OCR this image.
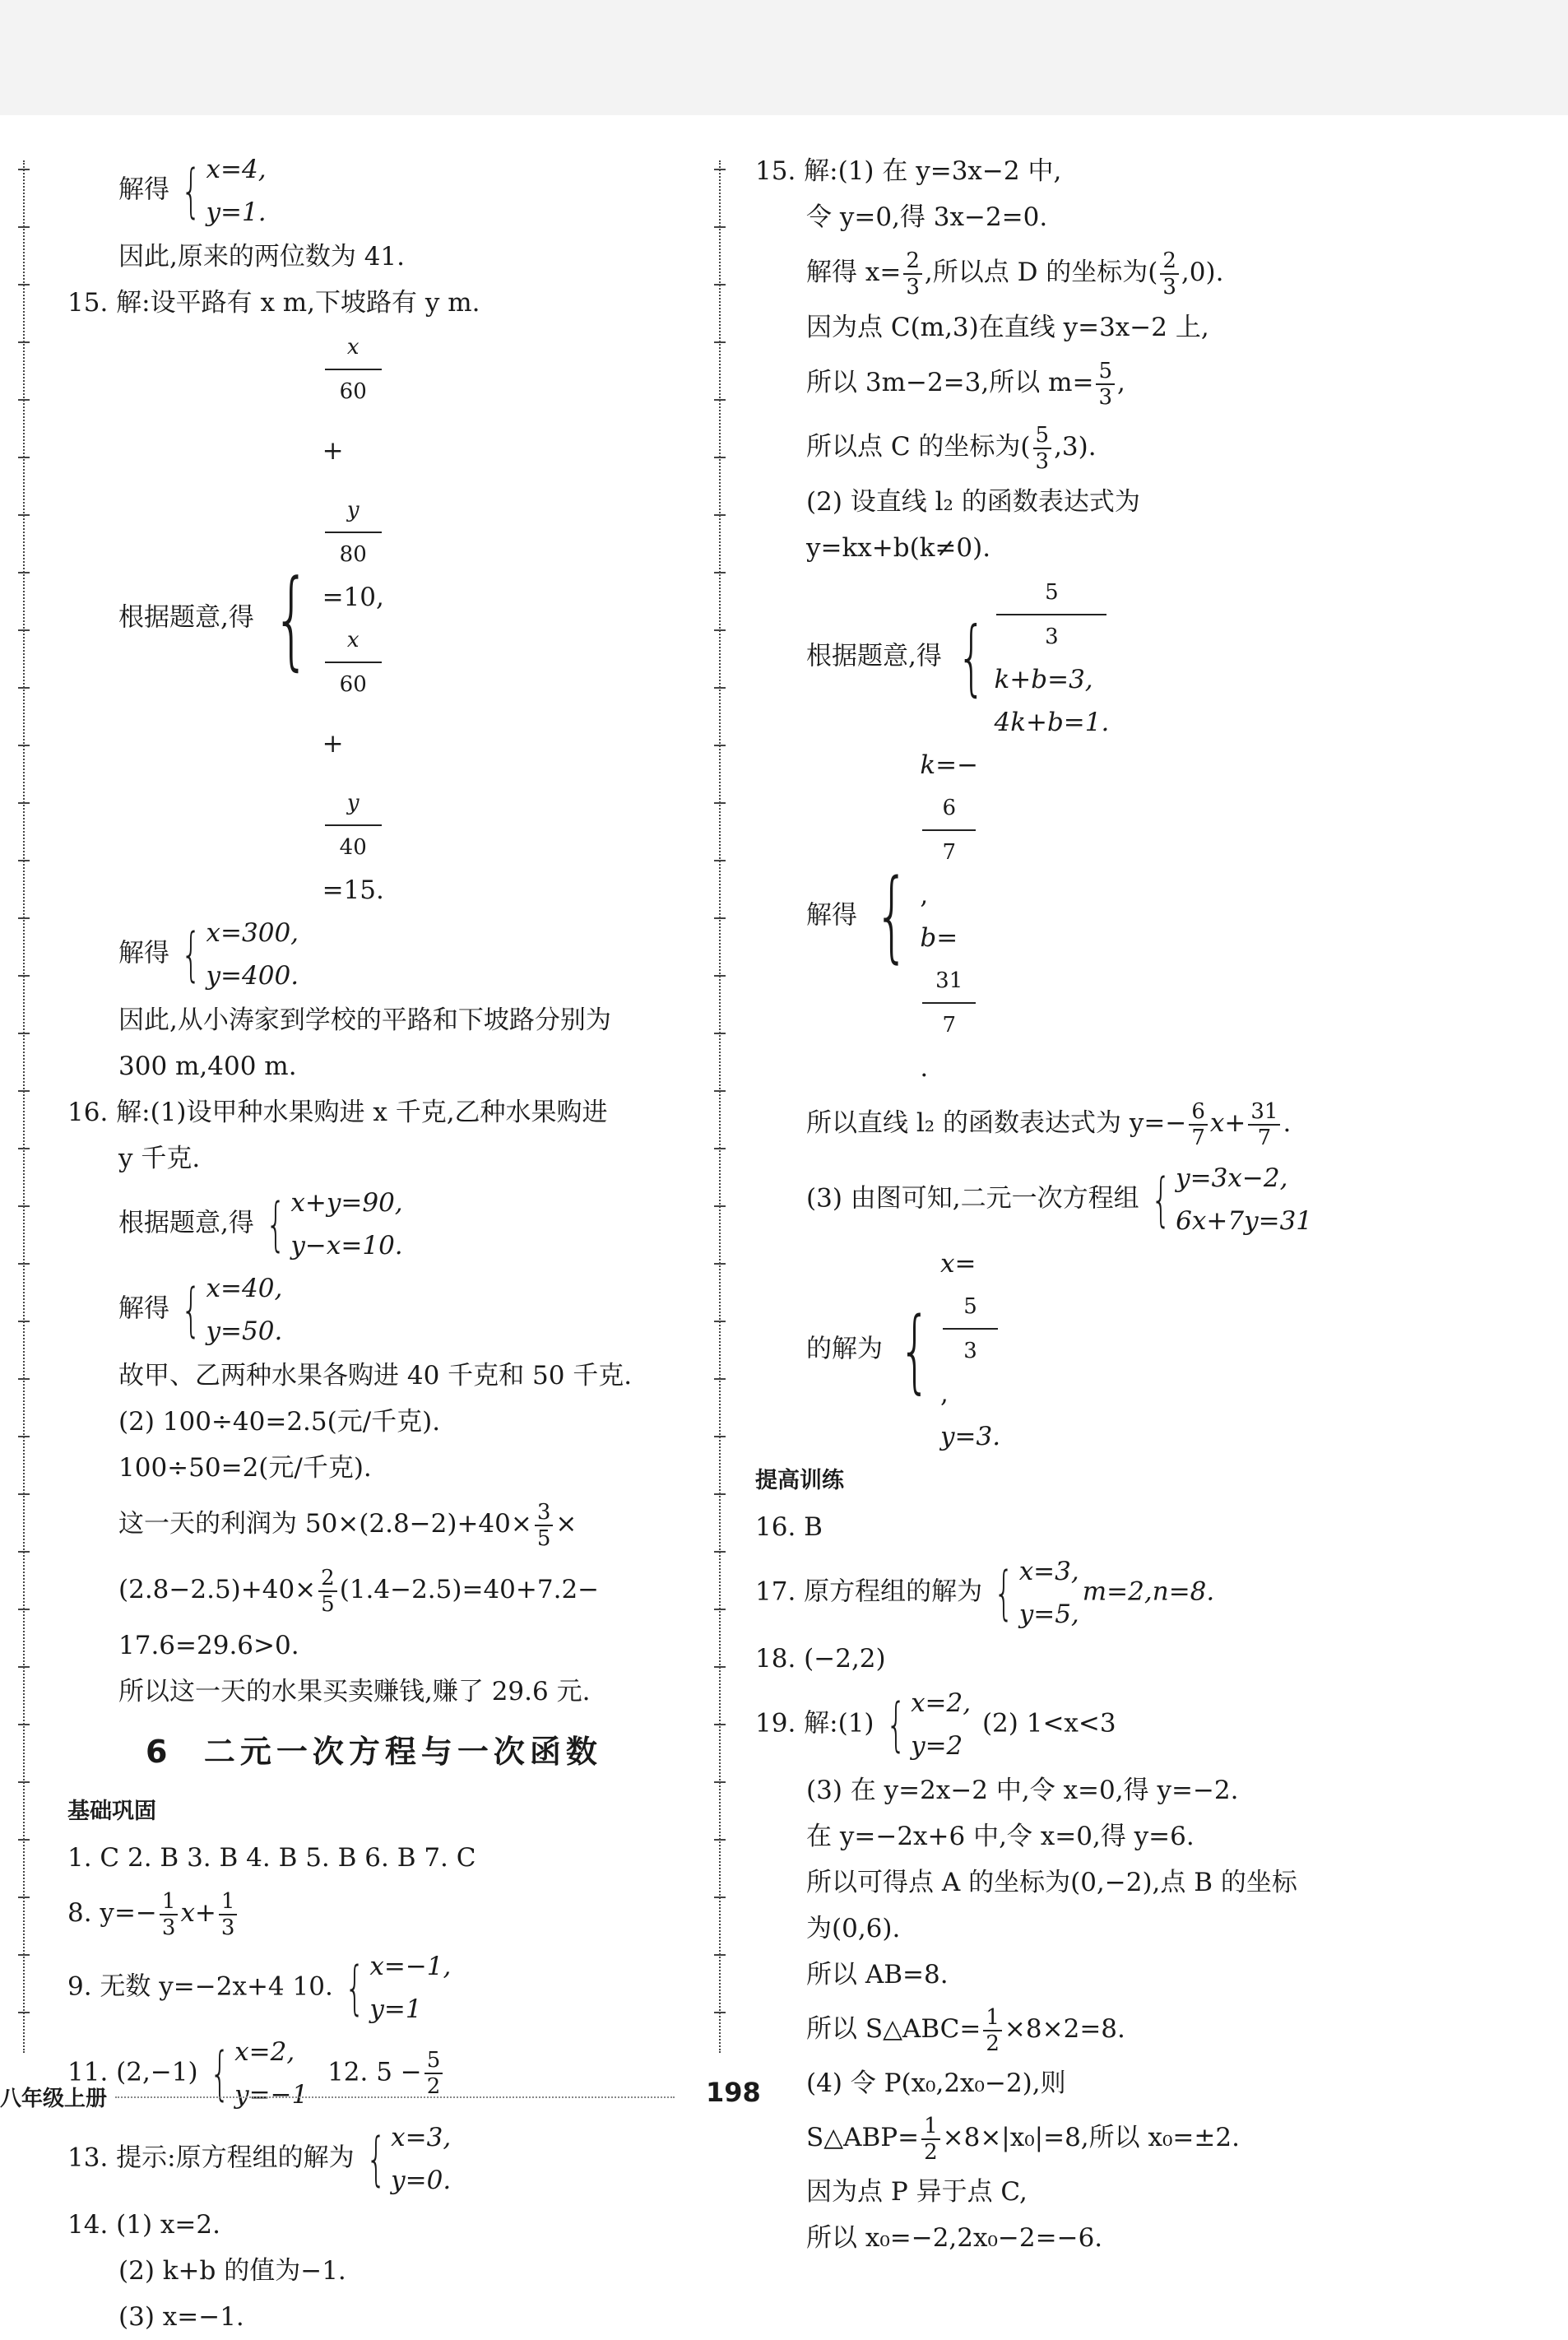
解得 { x=4,
y=1.
因此,原来的两位数为 41.
15. 解:设平路有 x m,下坡路有 y m.
根据题意,得 {
x
60
+
y
80
=10,
x
60
+
y
40
=15.
解得 { x=300,
y=400.
因此,从小涛家到学校的平路和下坡路分别为
300 m,400 m.
16. 解:(1)设甲种水果购进 x 千克,乙种水果购进
y 千克.
根据题意,得 { x+y=90,
y−x=10.
解得 { x=40,
y=50.
故甲、乙两种水果各购进 40 千克和 50 千克.
(2) 100÷40=2.5(元/千克).
100÷50=2(元/千克).
这一天的利润为 $50\times(2.8-2)+40\times \frac{3}{5}$ ×
$(2.8-2.5)+40\times \frac{2}{5} (1.4-2.5)=40+7.2-$
17.6=29.6>0.
所以这一天的水果买卖赚钱,赚了 29.6 元.
6 二元一次方程与一次函数
基础巩固
1. C 2. B 3. B 4. B 5. B 6. B 7. C
8. $y=- \frac{1}{3} x+ \frac{1}{3}$
9. 无数 y=−2x+4 10. { x=−1,
y=1
11. (2,−1) { x=2,
y=−1
12. $5 - \frac{5}{2}$
13. 提示:原方程组的解为 { x=3,
y=0.
14. (1) x=2.
(2) k+b 的值为−1.
(3) x=−1.
15. 解:(1) 在 y=3x−2 中,
令 y=0,得 3x−2=0.
解得 $x= \frac{2}{3}$ ,所以点 D 的坐标为( $\frac{2}{3} ,0$).
因为点 C(m,3)在直线 y=3x−2 上,
所以 3m−2=3,所以 $m= \frac{5}{3}$ ,
所以点 C 的坐标为( $\frac{5}{3} ,3$).
(2) 设直线 l₂ 的函数表达式为
y=kx+b(k≠0).
根据题意,得 {
5
3
k+b=3,
4k+b=1.
解得 {
k=−
6
7
,
b=
31
7
.
所以直线 l₂ 的函数表达式为 $y=- \frac{6}{7} x+ \frac{31}{7}$ .
(3) 由图可知,二元一次方程组 { y=3x−2,
6x+7y=31
的解为 {
x=
5
3
,
y=3.
提高训练
16. B
17. 原方程组的解为 { x=3,
y=5,
m=2,n=8.
18. (−2,2)
19. 解:(1) { x=2,
y=2
(2) 1<x<3
(3) 在 y=2x−2 中,令 x=0,得 y=−2.
在 y=−2x+6 中,令 x=0,得 y=6.
所以可得点 A 的坐标为(0,−2),点 B 的坐标
为(0,6).
所以 AB=8.
所以 S△ABC= $\frac{1}{2} \times 8\times 2=8$.
(4) 令 P(x₀,2x₀−2),则
S△ABP= $\frac{1}{2} \times 8\times|x_0|=8$,所以 x₀=±2.
因为点 P 异于点 C,
所以 x₀=−2,2x₀−2=−6.
八年级上册	198
